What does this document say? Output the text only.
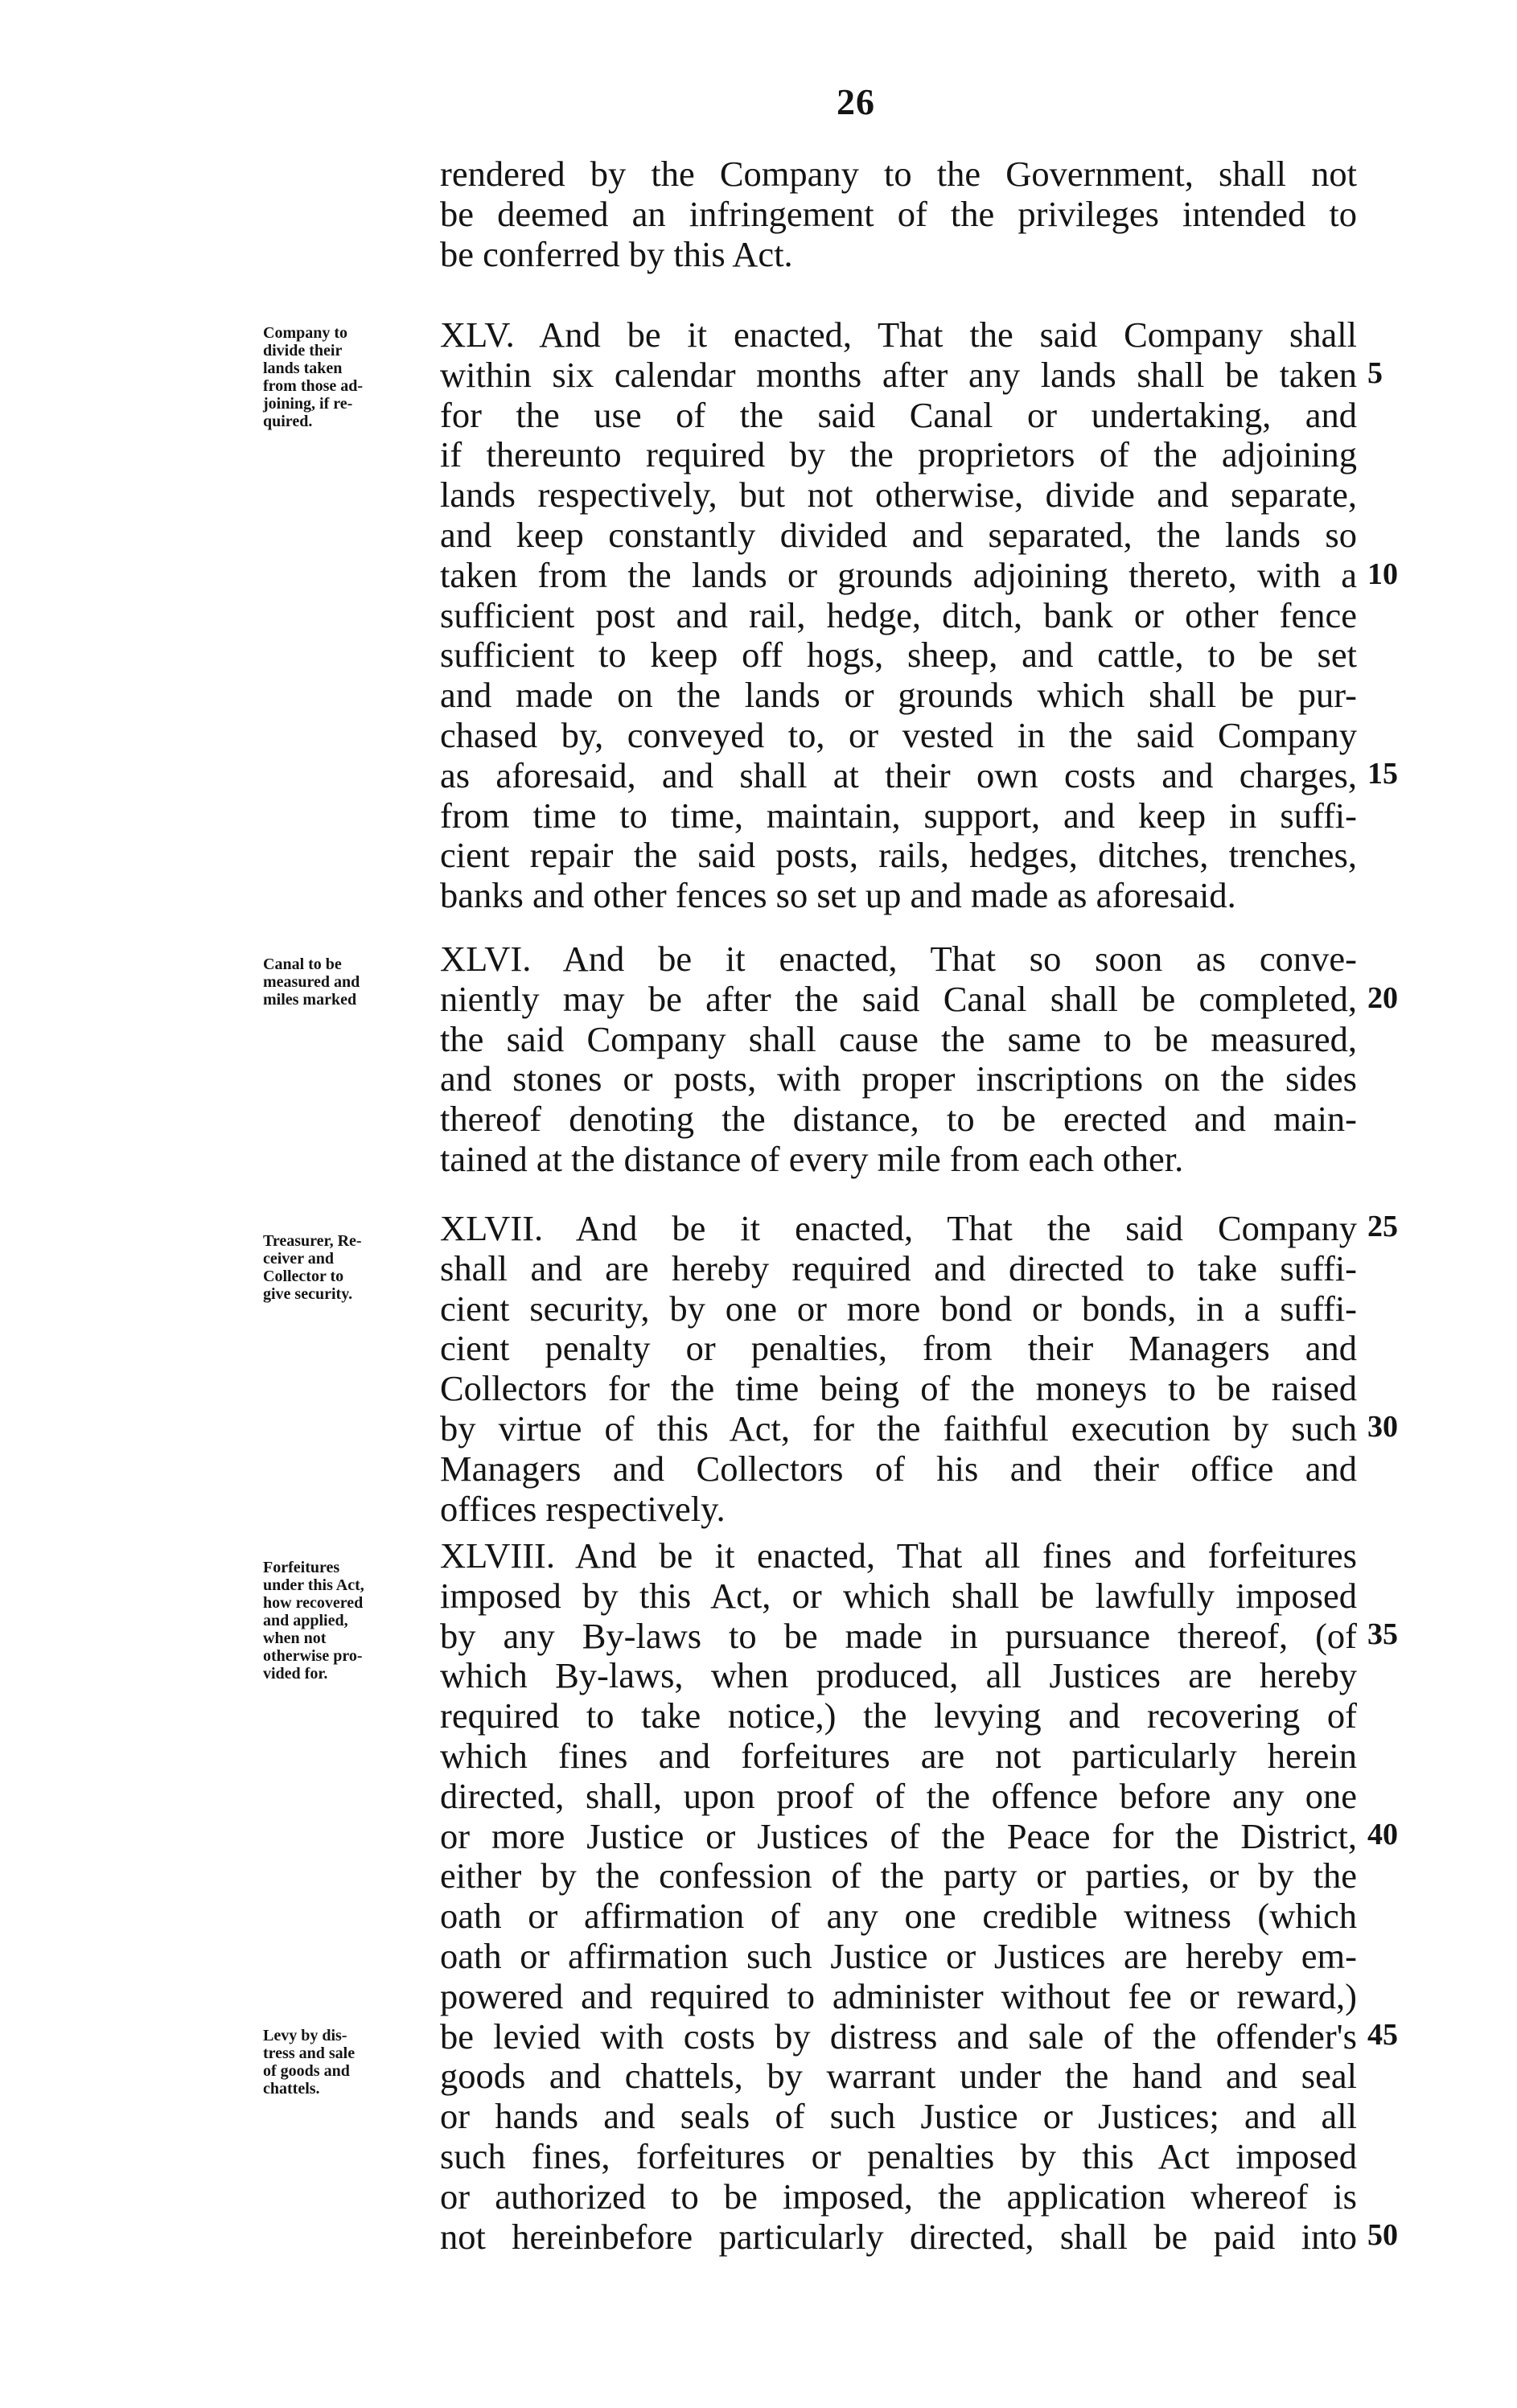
26
rendered by the Company to the Government, shall not
be deemed an infringement of the privileges intended to
be conferred by this Act.
Company to
divide their
lands taken
from those ad-
joining, if re-
quired.
XLV. And be it enacted, That the said Company shall
within six calendar months after any lands shall be taken
for the use of the said Canal or undertaking, and
if thereunto required by the proprietors of the adjoining
lands respectively, but not otherwise, divide and separate,
and keep constantly divided and separated, the lands so
taken from the lands or grounds adjoining thereto, with a
sufficient post and rail, hedge, ditch, bank or other fence
sufficient to keep off hogs, sheep, and cattle, to be set
and made on the lands or grounds which shall be pur-
chased by, conveyed to, or vested in the said Company
as aforesaid, and shall at their own costs and charges,
from time to time, maintain, support, and keep in suffi-
cient repair the said posts, rails, hedges, ditches, trenches,
banks and other fences so set up and made as aforesaid.
Canal to be
measured and
miles marked
XLVI. And be it enacted, That so soon as conve-
niently may be after the said Canal shall be completed,
the said Company shall cause the same to be measured,
and stones or posts, with proper inscriptions on the sides
thereof denoting the distance, to be erected and main-
tained at the distance of every mile from each other.
Treasurer, Re-
ceiver and
Collector to
give security.
XLVII. And be it enacted, That the said Company
shall and are hereby required and directed to take suffi-
cient security, by one or more bond or bonds, in a suffi-
cient penalty or penalties, from their Managers and
Collectors for the time being of the moneys to be raised
by virtue of this Act, for the faithful execution by such
Managers and Collectors of his and their office and
offices respectively.
Forfeitures
under this Act,
how recovered
and applied,
when not
otherwise pro-
vided for.
Levy by dis-
tress and sale
of goods and
chattels.
XLVIII. And be it enacted, That all fines and forfeitures
imposed by this Act, or which shall be lawfully imposed
by any By-laws to be made in pursuance thereof, (of
which By-laws, when produced, all Justices are hereby
required to take notice,) the levying and recovering of
which fines and forfeitures are not particularly herein
directed, shall, upon proof of the offence before any one
or more Justice or Justices of the Peace for the District,
either by the confession of the party or parties, or by the
oath or affirmation of any one credible witness (which
oath or affirmation such Justice or Justices are hereby em-
powered and required to administer without fee or reward,)
be levied with costs by distress and sale of the offender's
goods and chattels, by warrant under the hand and seal
or hands and seals of such Justice or Justices; and all
such fines, forfeitures or penalties by this Act imposed
or authorized to be imposed, the application whereof is
not hereinbefore particularly directed, shall be paid into
5
10
15
20
25
30
35
40
45
50
